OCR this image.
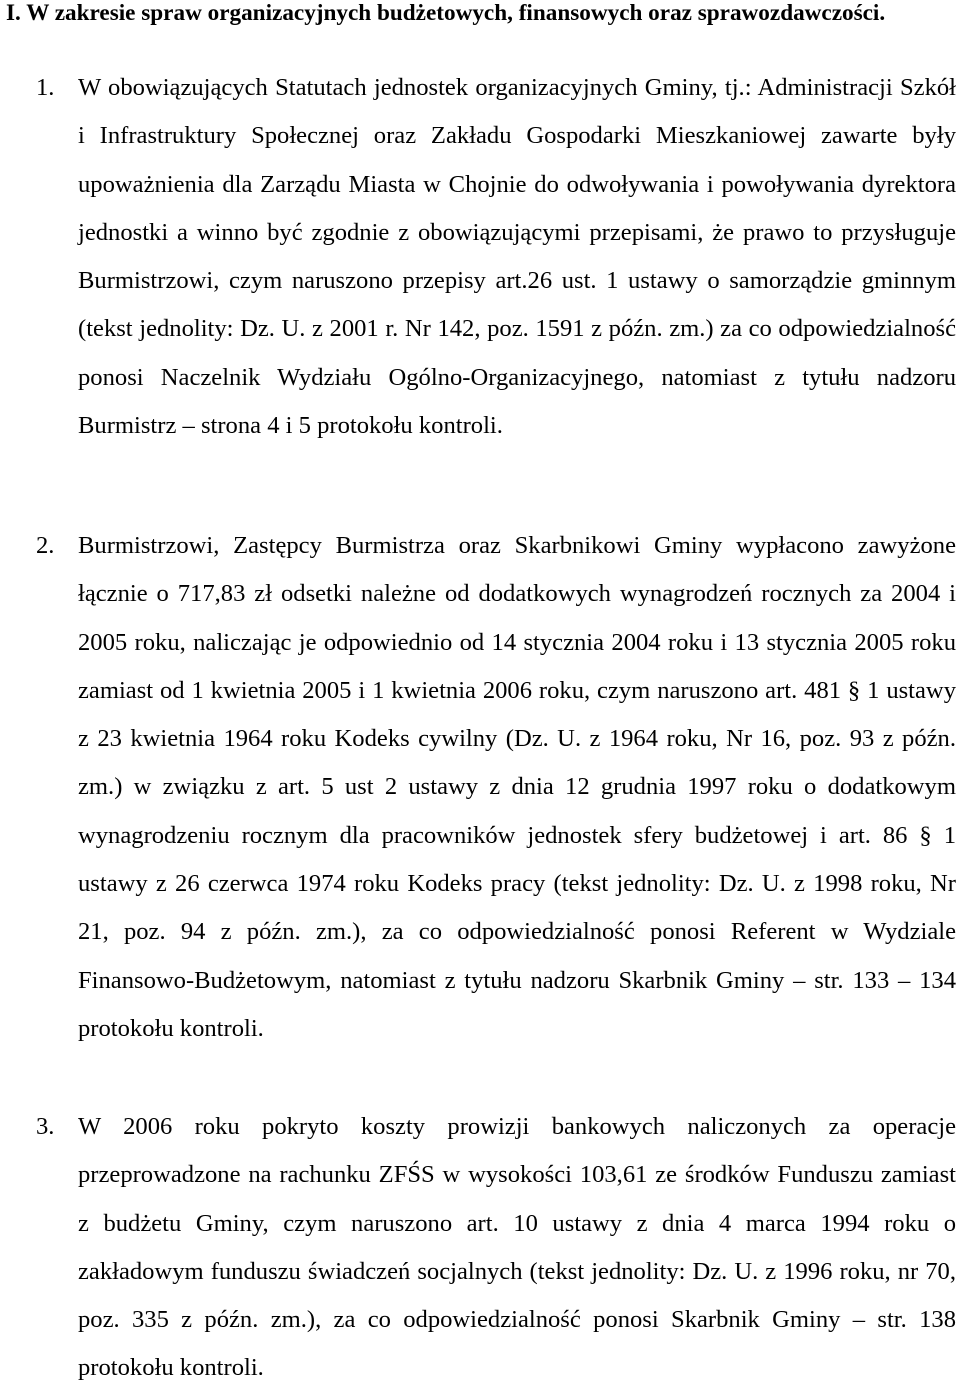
I. W zakresie spraw organizacyjnych budżetowych, finansowych oraz sprawozdawczości.
1. W obowiązujących Statutach jednostek organizacyjnych Gminy, tj.: Administracji Szkół i Infrastruktury Społecznej oraz Zakładu Gospodarki Mieszkaniowej zawarte były upoważnienia dla Zarządu Miasta w Chojnie do odwoływania i powoływania dyrektora jednostki a winno być zgodnie z obowiązującymi przepisami, że prawo to przysługuje Burmistrzowi, czym naruszono przepisy art.26 ust. 1 ustawy o samorządzie gminnym (tekst jednolity: Dz. U. z 2001 r. Nr 142, poz. 1591 z późn. zm.) za co odpowiedzialność ponosi Naczelnik Wydziału Ogólno-Organizacyjnego, natomiast z tytułu nadzoru Burmistrz – strona 4 i 5 protokołu kontroli.
2. Burmistrzowi, Zastępcy Burmistrza oraz Skarbnikowi Gminy wypłacono zawyżone łącznie o 717,83 zł odsetki należne od dodatkowych wynagrodzeń rocznych za 2004 i 2005 roku, naliczając je odpowiednio od 14 stycznia 2004 roku i 13 stycznia 2005 roku zamiast od 1 kwietnia 2005 i 1 kwietnia 2006 roku, czym naruszono art. 481 § 1 ustawy z 23 kwietnia 1964 roku Kodeks cywilny (Dz. U. z 1964 roku, Nr 16, poz. 93 z późn. zm.) w związku z art. 5 ust 2 ustawy z dnia 12 grudnia 1997 roku o dodatkowym wynagrodzeniu rocznym dla pracowników jednostek sfery budżetowej i art. 86 § 1 ustawy z 26 czerwca 1974 roku Kodeks pracy (tekst jednolity: Dz. U. z 1998 roku, Nr 21, poz. 94 z późn. zm.), za co odpowiedzialność ponosi Referent w Wydziale Finansowo-Budżetowym, natomiast z tytułu nadzoru Skarbnik Gminy – str. 133 – 134 protokołu kontroli.
3. W 2006 roku pokryto koszty prowizji bankowych naliczonych za operacje przeprowadzone na rachunku ZFŚS w wysokości 103,61 ze środków Funduszu zamiast z budżetu Gminy, czym naruszono art. 10 ustawy z dnia 4 marca 1994 roku o zakładowym funduszu świadczeń socjalnych (tekst jednolity: Dz. U. z 1996 roku, nr 70, poz. 335 z późn. zm.), za co odpowiedzialność ponosi Skarbnik Gminy – str. 138 protokołu kontroli.
